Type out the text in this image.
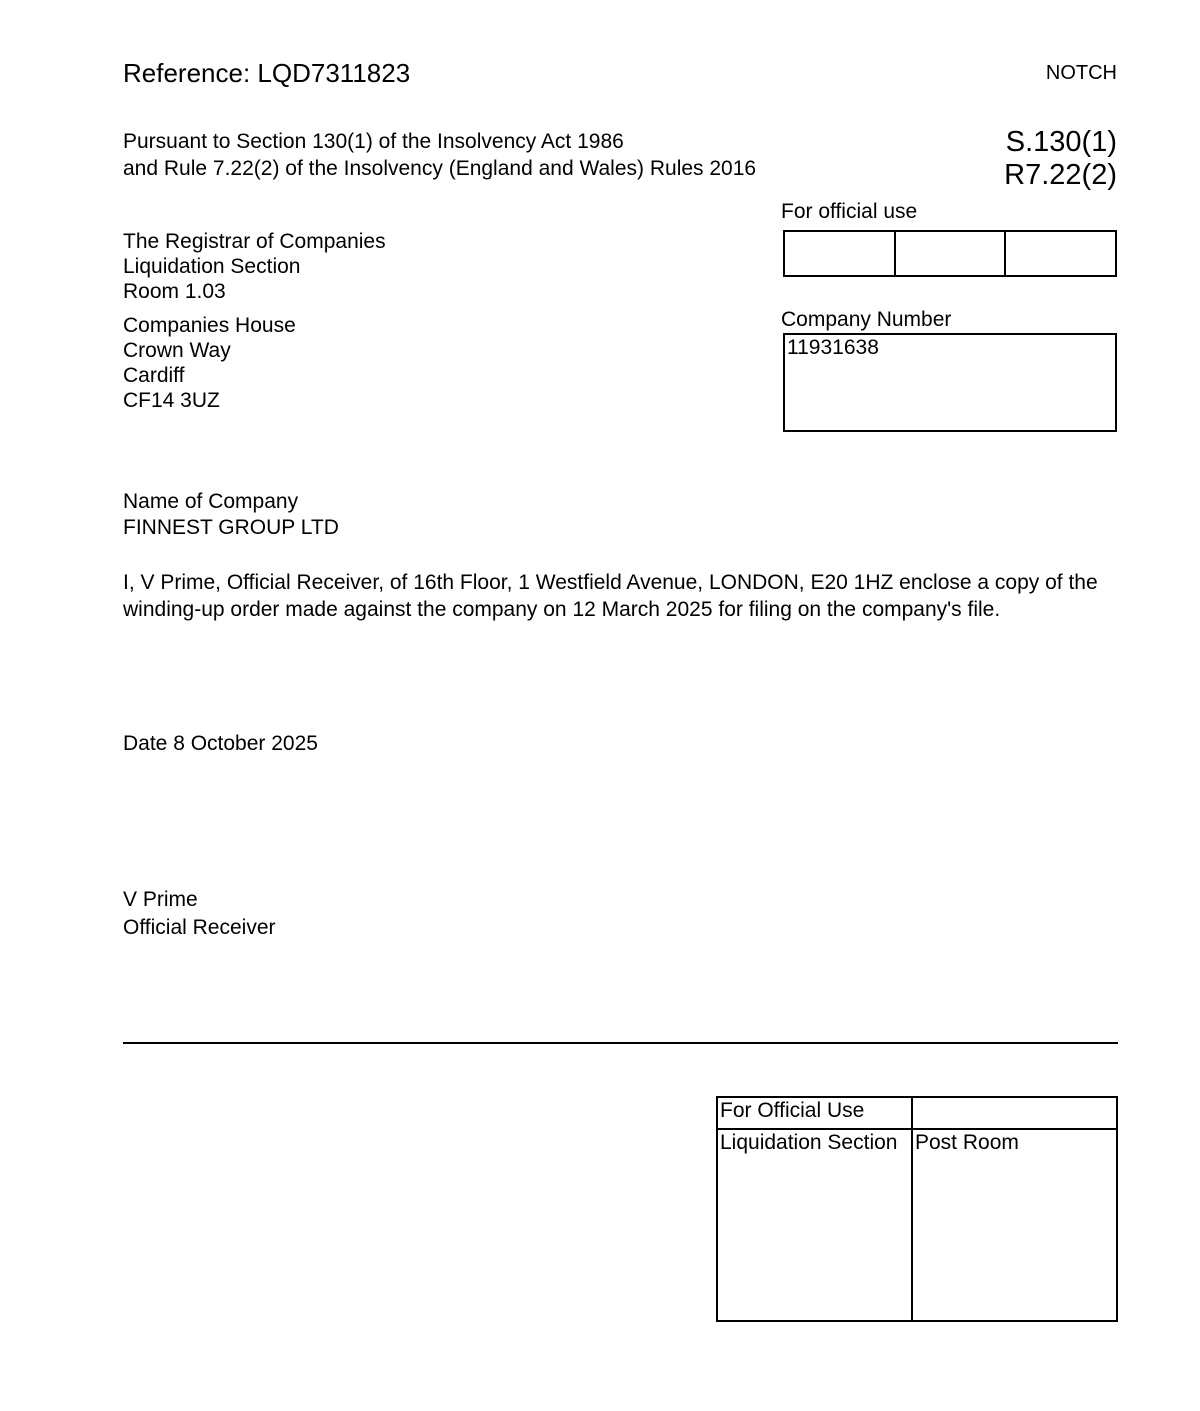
Reference: LQD7311823	NOTCH
Pursuant to Section 130(1) of the Insolvency Act 1986
and Rule 7.22(2) of the Insolvency (England and Wales) Rules 2016
S.130(1)
R7.22(2)
The Registrar of Companies
Liquidation Section
Room 1.03
Companies House
Crown Way
Cardiff
CF14 3UZ
For official use
Company Number
11931638
Name of Company
FINNEST GROUP LTD
I, V Prime, Official Receiver, of 16th Floor, 1 Westfield Avenue, LONDON, E20 1HZ enclose a copy of the winding-up order made against the company on 12 March 2025 for filing on the company's file.
Date 8 October 2025
V Prime
Official Receiver
For Official Use
Liquidation Section Post Room
